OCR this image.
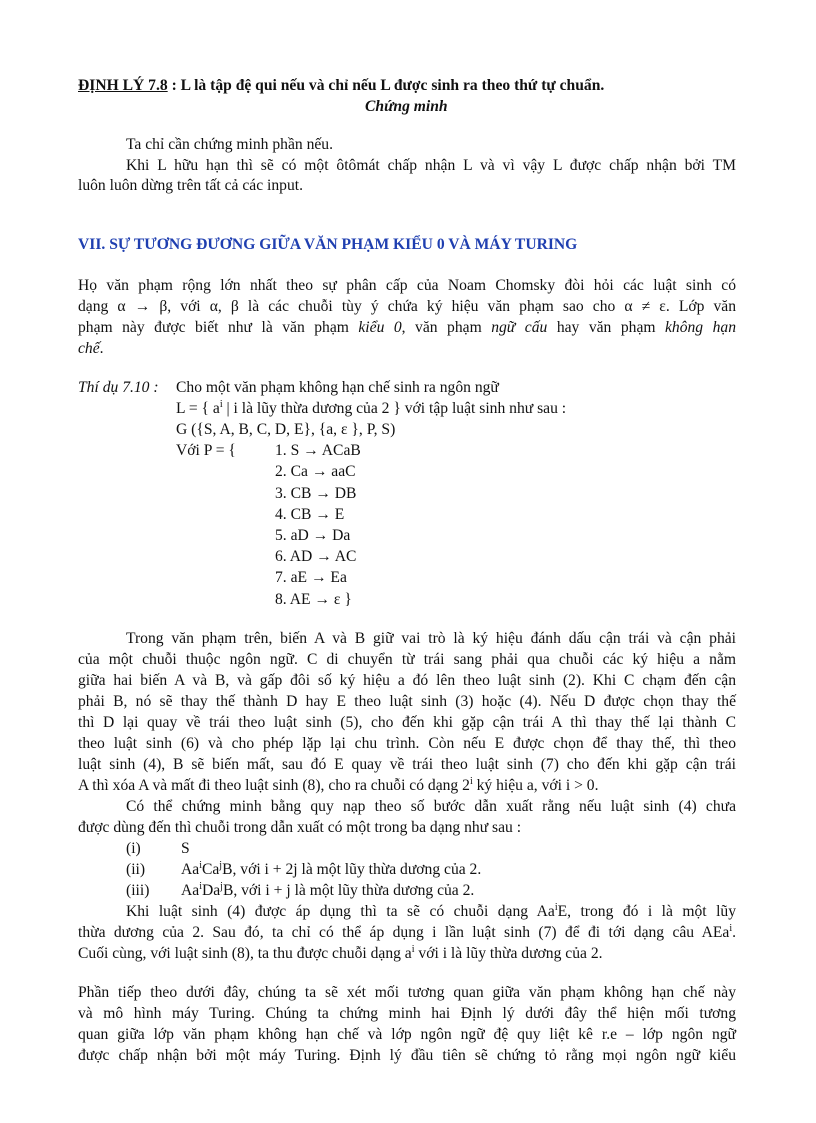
ĐỊNH LÝ 7.8 : L là tập đệ qui nếu và chỉ nếu L được sinh ra theo thứ tự chuẩn.
Chứng minh
Ta chỉ cần chứng minh phần nếu.
Khi L hữu hạn thì sẽ có một ôtômát chấp nhận L và vì vậy L được chấp nhận bởi TM
luôn luôn dừng trên tất cả các input.
VII. SỰ TƯƠNG ĐƯƠNG GIỮA VĂN PHẠM KIỂU 0 VÀ MÁY TURING
Họ văn phạm rộng lớn nhất theo sự phân cấp của Noam Chomsky đòi hỏi các luật sinh có
dạng α → β, với α, β là các chuỗi tùy ý chứa ký hiệu văn phạm sao cho α ≠ ε. Lớp văn
phạm này được biết như là văn phạm kiểu 0, văn phạm ngữ cấu hay văn phạm không hạn
chế.
Thí dụ 7.10 : Cho một văn phạm không hạn chế sinh ra ngôn ngữ
L = { $a^i$ | i là lũy thừa dương của 2 } với tập luật sinh như sau :
G ({S, A, B, C, D, E}, {a, ε }, P, S)
Với P = {	1. S → ACaB
2. Ca → aaC
3. CB → DB
4. CB → E
5. aD → Da
6. AD → AC
7. aE → Ea
8. AE → ε }
Trong văn phạm trên, biến A và B giữ vai trò là ký hiệu đánh dấu cận trái và cận phải
của một chuỗi thuộc ngôn ngữ. C di chuyển từ trái sang phải qua chuỗi các ký hiệu a nằm
giữa hai biến A và B, và gấp đôi số ký hiệu a đó lên theo luật sinh (2). Khi C chạm đến cận
phải B, nó sẽ thay thế thành D hay E theo luật sinh (3) hoặc (4). Nếu D được chọn thay thế
thì D lại quay về trái theo luật sinh (5), cho đến khi gặp cận trái A thì thay thế lại thành C
theo luật sinh (6) và cho phép lặp lại chu trình. Còn nếu E được chọn để thay thế, thì theo
luật sinh (4), B sẽ biến mất, sau đó E quay về trái theo luật sinh (7) cho đến khi gặp cận trái
A thì xóa A và mất đi theo luật sinh (8), cho ra chuỗi có dạng 2$^i$ ký hiệu a, với i > 0.
Có thể chứng minh bằng quy nạp theo số bước dẫn xuất rằng nếu luật sinh (4) chưa
được dùng đến thì chuỗi trong dẫn xuất có một trong ba dạng như sau :
(i)	S
(ii) Aa$^i$Ca$^j$B, với i + 2j là một lũy thừa dương của 2.
(iii) Aa$^i$Da$^j$B, với i + j là một lũy thừa dương của 2.
Khi luật sinh (4) được áp dụng thì ta sẽ có chuỗi dạng Aa$^i$E, trong đó i là một lũy
thừa dương của 2. Sau đó, ta chỉ có thể áp dụng i lần luật sinh (7) để đi tới dạng câu AEa$^i$.
Cuối cùng, với luật sinh (8), ta thu được chuỗi dạng $a^i$ với i là lũy thừa dương của 2.
Phần tiếp theo dưới đây, chúng ta sẽ xét mối tương quan giữa văn phạm không hạn chế này
và mô hình máy Turing. Chúng ta chứng minh hai Định lý dưới đây thể hiện mối tương
quan giữa lớp văn phạm không hạn chế và lớp ngôn ngữ đệ quy liệt kê r.e – lớp ngôn ngữ
được chấp nhận bởi một máy Turing. Định lý đầu tiên sẽ chứng tỏ rằng mọi ngôn ngữ kiểu
